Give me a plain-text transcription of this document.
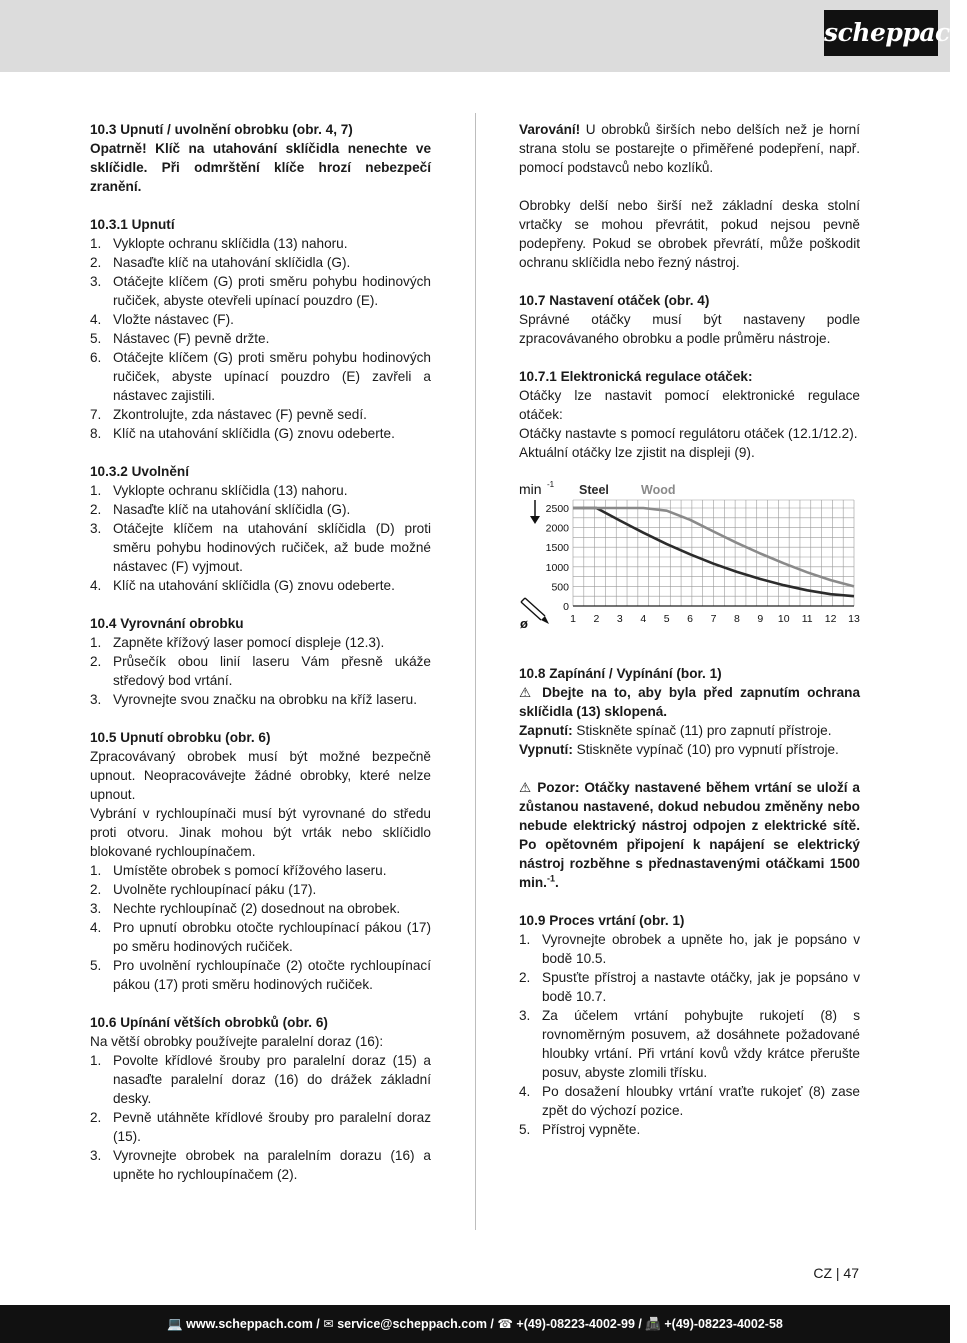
scheppach
10.3 Upnutí / uvolnění obrobku (obr. 4, 7)

Opatrně! Klíč na utahování sklíčidla nenechte ve sklíčidle. Při odmrštění klíče hrozí nebezpečí zranění.

10.3.1 Upnutí
1. Vyklopte ochranu sklíčidla (13) nahoru.
2. Nasaďte klíč na utahování sklíčidla (G).
3. Otáčejte klíčem (G) proti směru pohybu hodinových ručiček, abyste otevřeli upínací pouzdro (E).
4. Vložte nástavec (F).
5. Nástavec (F) pevně držte.
6. Otáčejte klíčem (G) proti směru pohybu hodinových ručiček, abyste upínací pouzdro (E) zavřeli a nástavec zajistili.
7. Zkontrolujte, zda nástavec (F) pevně sedí.
8. Klíč na utahování sklíčidla (G) znovu odeberte.
10.3.2 Uvolnění
1. Vyklopte ochranu sklíčidla (13) nahoru.
2. Nasaďte klíč na utahování sklíčidla (G).
3. Otáčejte klíčem na utahování sklíčidla (D) proti směru pohybu hodinových ručiček, až bude možné nástavec (F) vyjmout.
4. Klíč na utahování sklíčidla (G) znovu odeberte.
10.4 Vyrovnání obrobku
1. Zapněte křížový laser pomocí displeje (12.3).
2. Průsečík obou linií laseru Vám přesně ukáže středový bod vrtání.
3. Vyrovnejte svou značku na obrobku na kříž laseru.
10.5 Upnutí obrobku (obr. 6)

Zpracovávaný obrobek musí být možné bezpečně upnout. Neopracovávejte žádné obrobky, které nelze upnout.

Vybrání v rychloupínači musí být vyrovnané do středu proti otvoru. Jinak mohou být vrták nebo sklíčidlo blokované rychloupínačem.

1. Umístěte obrobek s pomocí křížového laseru.
2. Uvolněte rychloupínací páku (17).
3. Nechte rychloupínač (2) dosednout na obrobek.
4. Pro upnutí obrobku otočte rychloupínací pákou (17) po směru hodinových ručiček.
5. Pro uvolnění rychloupínače (2) otočte rychloupínací pákou (17) proti směru hodinových ručiček.
10.6 Upínání větších obrobků (obr. 6)

Na větší obrobky používejte paralelní doraz (16):

1. Povolte křídlové šrouby pro paralelní doraz (15) a nasaďte paralelní doraz (16) do drážek základní desky.
2. Pevně utáhněte křídlové šrouby pro paralelní doraz (15).
3. Vyrovnejte obrobek na paralelním dorazu (16) a upněte ho rychloupínačem (2).

Varování! U obrobků širších nebo delších než je horní strana stolu se postarejte o přiměřené podepření, např. pomocí podstavců nebo kozlíků.

Obrobky delší nebo širší než základní deska stolní vrtačky se mohou převrátit, pokud nejsou pevně podepřeny. Pokud se obrobek převrátí, může poškodit ochranu sklíčidla nebo řezný nástroj.

10.7 Nastavení otáček (obr. 4)

Správné otáčky musí být nastaveny podle zpracovávaného obrobku a podle průměru nástroje.

10.7.1 Elektronická regulace otáček:

Otáčky lze nastavit pomocí elektronické regulace otáček:

Otáčky nastavte s pomocí regulátoru otáček (12.1/12.2).

Aktuální otáčky lze zjistit na displeji (9).

0
500
1000
1500
2000
2500
1 2 3 4 5 6 7 8 9 10 11 12 13
min -1
ø
Steel	Wood
10.8 Zapínání / Vypínání (bor. 1)

⚠ Dbejte na to, aby byla před zapnutím ochrana sklíčidla (13) sklopená.

Zapnutí: Stiskněte spínač (11) pro zapnutí přístroje.

Vypnutí: Stiskněte vypínač (10) pro vypnutí přístroje.

⚠ Pozor: Otáčky nastavené během vrtání se uloží a zůstanou nastavené, dokud nebudou změněny nebo nebude elektrický nástroj odpojen z elektrické sítě. Po opětovném připojení k napájení se elektrický nástroj rozběhne s přednastavenými otáčkami 1500 min.$^{-1}$.

10.9 Proces vrtání (obr. 1)
1. Vyrovnejte obrobek a upněte ho, jak je popsáno v bodě 10.5.
2. Spusťte přístroj a nastavte otáčky, jak je popsáno v bodě 10.7.
3. Za účelem vrtání pohybujte rukojetí (8) s rovnoměrným posuvem, až dosáhnete požadované hloubky vrtání. Při vrtání kovů vždy krátce přerušte posuv, abyste zlomili třísku.
4. Po dosažení hloubky vrtání vraťte rukojeť (8) zase zpět do výchozí pozice.
5. Přístroj vypněte.
CZ | 47
💻 www.scheppach.com / ✉ service@scheppach.com / ☎ +(49)-08223-4002-99 / 📠 +(49)-08223-4002-58
